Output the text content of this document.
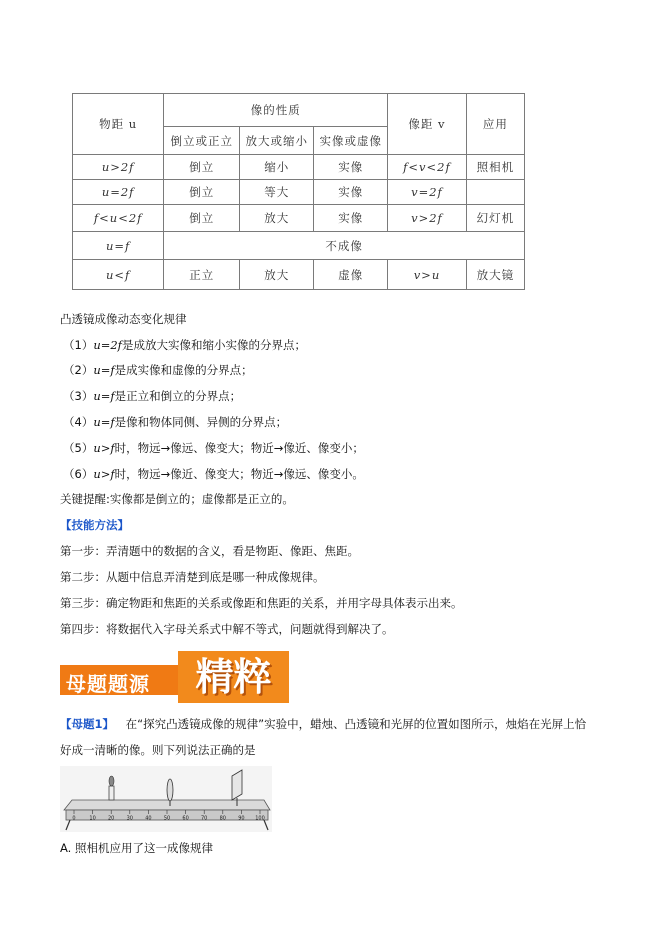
物距 u	像的性质			像距 v	应用
	倒立或正立	放大或缩小	实像或虚像		
u>2f	倒立	缩小	实像	f<v<2f	照相机
u=2f	倒立	等大	实像	v=2f	
f<u<2f	倒立	放大	实像	v>2f	幻灯机
u=f	不成像				
u<f	正立	放大	虚像	v>u	放大镜
凸透镜成像动态变化规律
（1）u=2f是成放大实像和缩小实像的分界点；
（2）u=f是成实像和虚像的分界点；
（3）u=f是正立和倒立的分界点；
（4）u=f是像和物体同侧、异侧的分界点；
（5）u>f时，物远→像远、像变大；物近→像近、像变小；
（6）u>f时，物远→像近、像变大；物近→像远、像变小。
关键提醒:实像都是倒立的；虚像都是正立的。
【技能方法】
第一步：弄清题中的数据的含义，看是物距、像距、焦距。
第二步：从题中信息弄清楚到底是哪一种成像规律。
第三步：确定物距和焦距的关系或像距和焦距的关系，并用字母具体表示出来。
第四步：将数据代入字母关系式中解不等式，问题就得到解决了。
母题题源	精粹
【母题1】 在“探究凸透镜成像的规律”实验中，蜡烛、凸透镜和光屏的位置如图所示，烛焰在光屏上恰
好成一清晰的像。则下列说法正确的是
0	10 20 30 40 50 60 70 80 90 100
A. 照相机应用了这一成像规律
